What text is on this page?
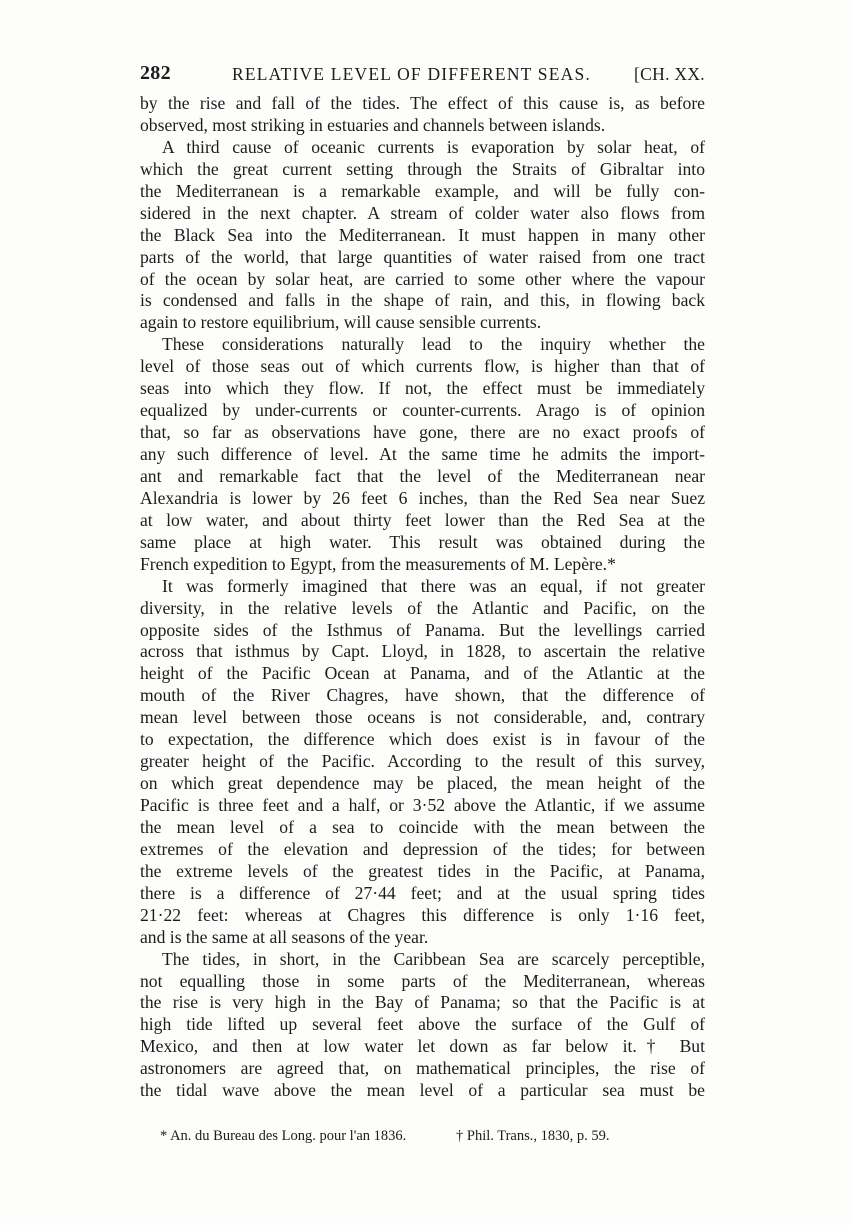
282	RELATIVE LEVEL OF DIFFERENT SEAS. [CH. XX.
by the rise and fall of the tides. The effect of this cause is, as before
observed, most striking in estuaries and channels between islands.
A third cause of oceanic currents is evaporation by solar heat, of
which the great current setting through the Straits of Gibraltar into
the Mediterranean is a remarkable example, and will be fully con-
sidered in the next chapter. A stream of colder water also flows from
the Black Sea into the Mediterranean. It must happen in many other
parts of the world, that large quantities of water raised from one tract
of the ocean by solar heat, are carried to some other where the vapour
is condensed and falls in the shape of rain, and this, in flowing back
again to restore equilibrium, will cause sensible currents.
These considerations naturally lead to the inquiry whether the
level of those seas out of which currents flow, is higher than that of
seas into which they flow. If not, the effect must be immediately
equalized by under-currents or counter-currents. Arago is of opinion
that, so far as observations have gone, there are no exact proofs of
any such difference of level. At the same time he admits the import-
ant and remarkable fact that the level of the Mediterranean near
Alexandria is lower by 26 feet 6 inches, than the Red Sea near Suez
at low water, and about thirty feet lower than the Red Sea at the
same place at high water. This result was obtained during the
French expedition to Egypt, from the measurements of M. Lepère.*
It was formerly imagined that there was an equal, if not greater
diversity, in the relative levels of the Atlantic and Pacific, on the
opposite sides of the Isthmus of Panama. But the levellings carried
across that isthmus by Capt. Lloyd, in 1828, to ascertain the relative
height of the Pacific Ocean at Panama, and of the Atlantic at the
mouth of the River Chagres, have shown, that the difference of
mean level between those oceans is not considerable, and, contrary
to expectation, the difference which does exist is in favour of the
greater height of the Pacific. According to the result of this survey,
on which great dependence may be placed, the mean height of the
Pacific is three feet and a half, or 3·52 above the Atlantic, if we assume
the mean level of a sea to coincide with the mean between the
extremes of the elevation and depression of the tides; for between
the extreme levels of the greatest tides in the Pacific, at Panama,
there is a difference of 27·44 feet; and at the usual spring tides
21·22 feet: whereas at Chagres this difference is only 1·16 feet,
and is the same at all seasons of the year.
The tides, in short, in the Caribbean Sea are scarcely perceptible,
not equalling those in some parts of the Mediterranean, whereas
the rise is very high in the Bay of Panama; so that the Pacific is at
high tide lifted up several feet above the surface of the Gulf of
Mexico, and then at low water let down as far below it.† But
astronomers are agreed that, on mathematical principles, the rise of
the tidal wave above the mean level of a particular sea must be
* An. du Bureau des Long. pour l'an 1836.	† Phil. Trans., 1830, p. 59.
